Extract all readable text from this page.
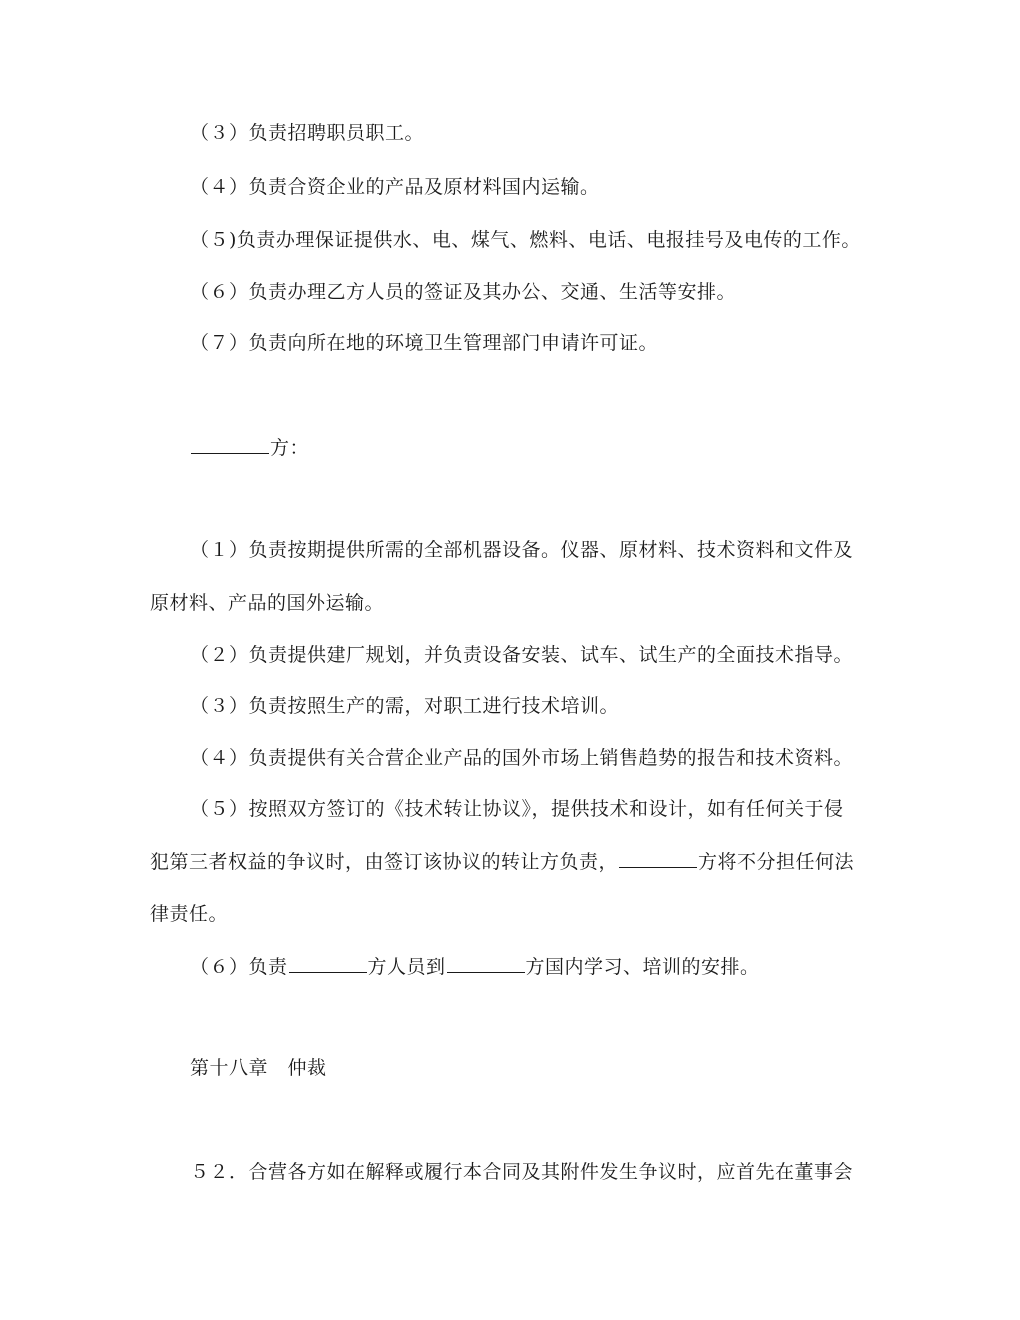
（３）负责招聘职员职工。
（４）负责合资企业的产品及原材料国内运输。
（５)负责办理保证提供水、电、煤气、燃料、电话、电报挂号及电传的工作。
（６）负责办理乙方人员的签证及其办公、交通、生活等安排。
（７）负责向所在地的环境卫生管理部门申请许可证。
方：
（１）负责按期提供所需的全部机器设备。仪器、原材料、技术资料和文件及
原材料、产品的国外运输。
（２）负责提供建厂规划，并负责设备安装、试车、试生产的全面技术指导。
（３）负责按照生产的需，对职工进行技术培训。
（４）负责提供有关合营企业产品的国外市场上销售趋势的报告和技术资料。
（５）按照双方签订的《技术转让协议》，提供技术和设计，如有任何关于侵
犯第三者权益的争议时，由签订该协议的转让方负责，	方将不分担任何法
律责任。
（６）负责	方人员到	方国内学习、培训的安排。
第十八章　仲裁
５２．合营各方如在解释或履行本合同及其附件发生争议时，应首先在董事会
